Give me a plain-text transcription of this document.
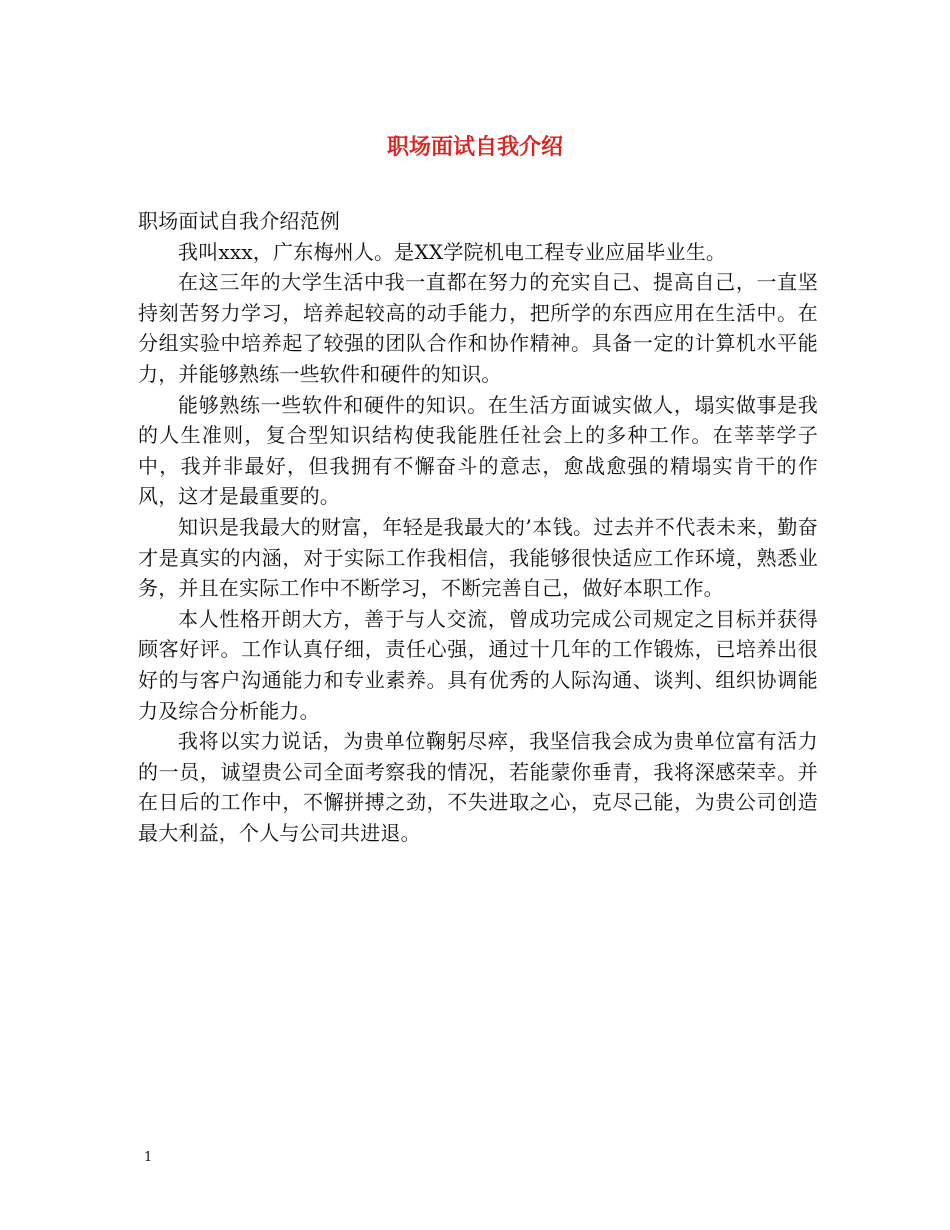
职场面试自我介绍

职场面试自我介绍范例

我叫xxx，广东梅州人。是XX学院机电工程专业应届毕业生。

在这三年的大学生活中我一直都在努力的充实自己、提高自己，一直坚持刻苦努力学习，培养起较高的动手能力，把所学的东西应用在生活中。在分组实验中培养起了较强的团队合作和协作精神。具备一定的计算机水平能力，并能够熟练一些软件和硬件的知识。

能够熟练一些软件和硬件的知识。在生活方面诚实做人，塌实做事是我的人生准则，复合型知识结构使我能胜任社会上的多种工作。在莘莘学子中，我并非最好，但我拥有不懈奋斗的意志，愈战愈强的精塌实肯干的作风，这才是最重要的。

知识是我最大的财富，年轻是我最大的’本钱。过去并不代表未来，勤奋才是真实的内涵，对于实际工作我相信，我能够很快适应工作环境，熟悉业务，并且在实际工作中不断学习，不断完善自己，做好本职工作。

本人性格开朗大方，善于与人交流，曾成功完成公司规定之目标并获得顾客好评。工作认真仔细，责任心强，通过十几年的工作锻炼，已培养出很好的与客户沟通能力和专业素养。具有优秀的人际沟通、谈判、组织协调能力及综合分析能力。

我将以实力说话，为贵单位鞠躬尽瘁，我坚信我会成为贵单位富有活力的一员，诚望贵公司全面考察我的情况，若能蒙你垂青，我将深感荣幸。并在日后的工作中，不懈拼搏之劲，不失进取之心，克尽己能，为贵公司创造最大利益，个人与公司共进退。

1
